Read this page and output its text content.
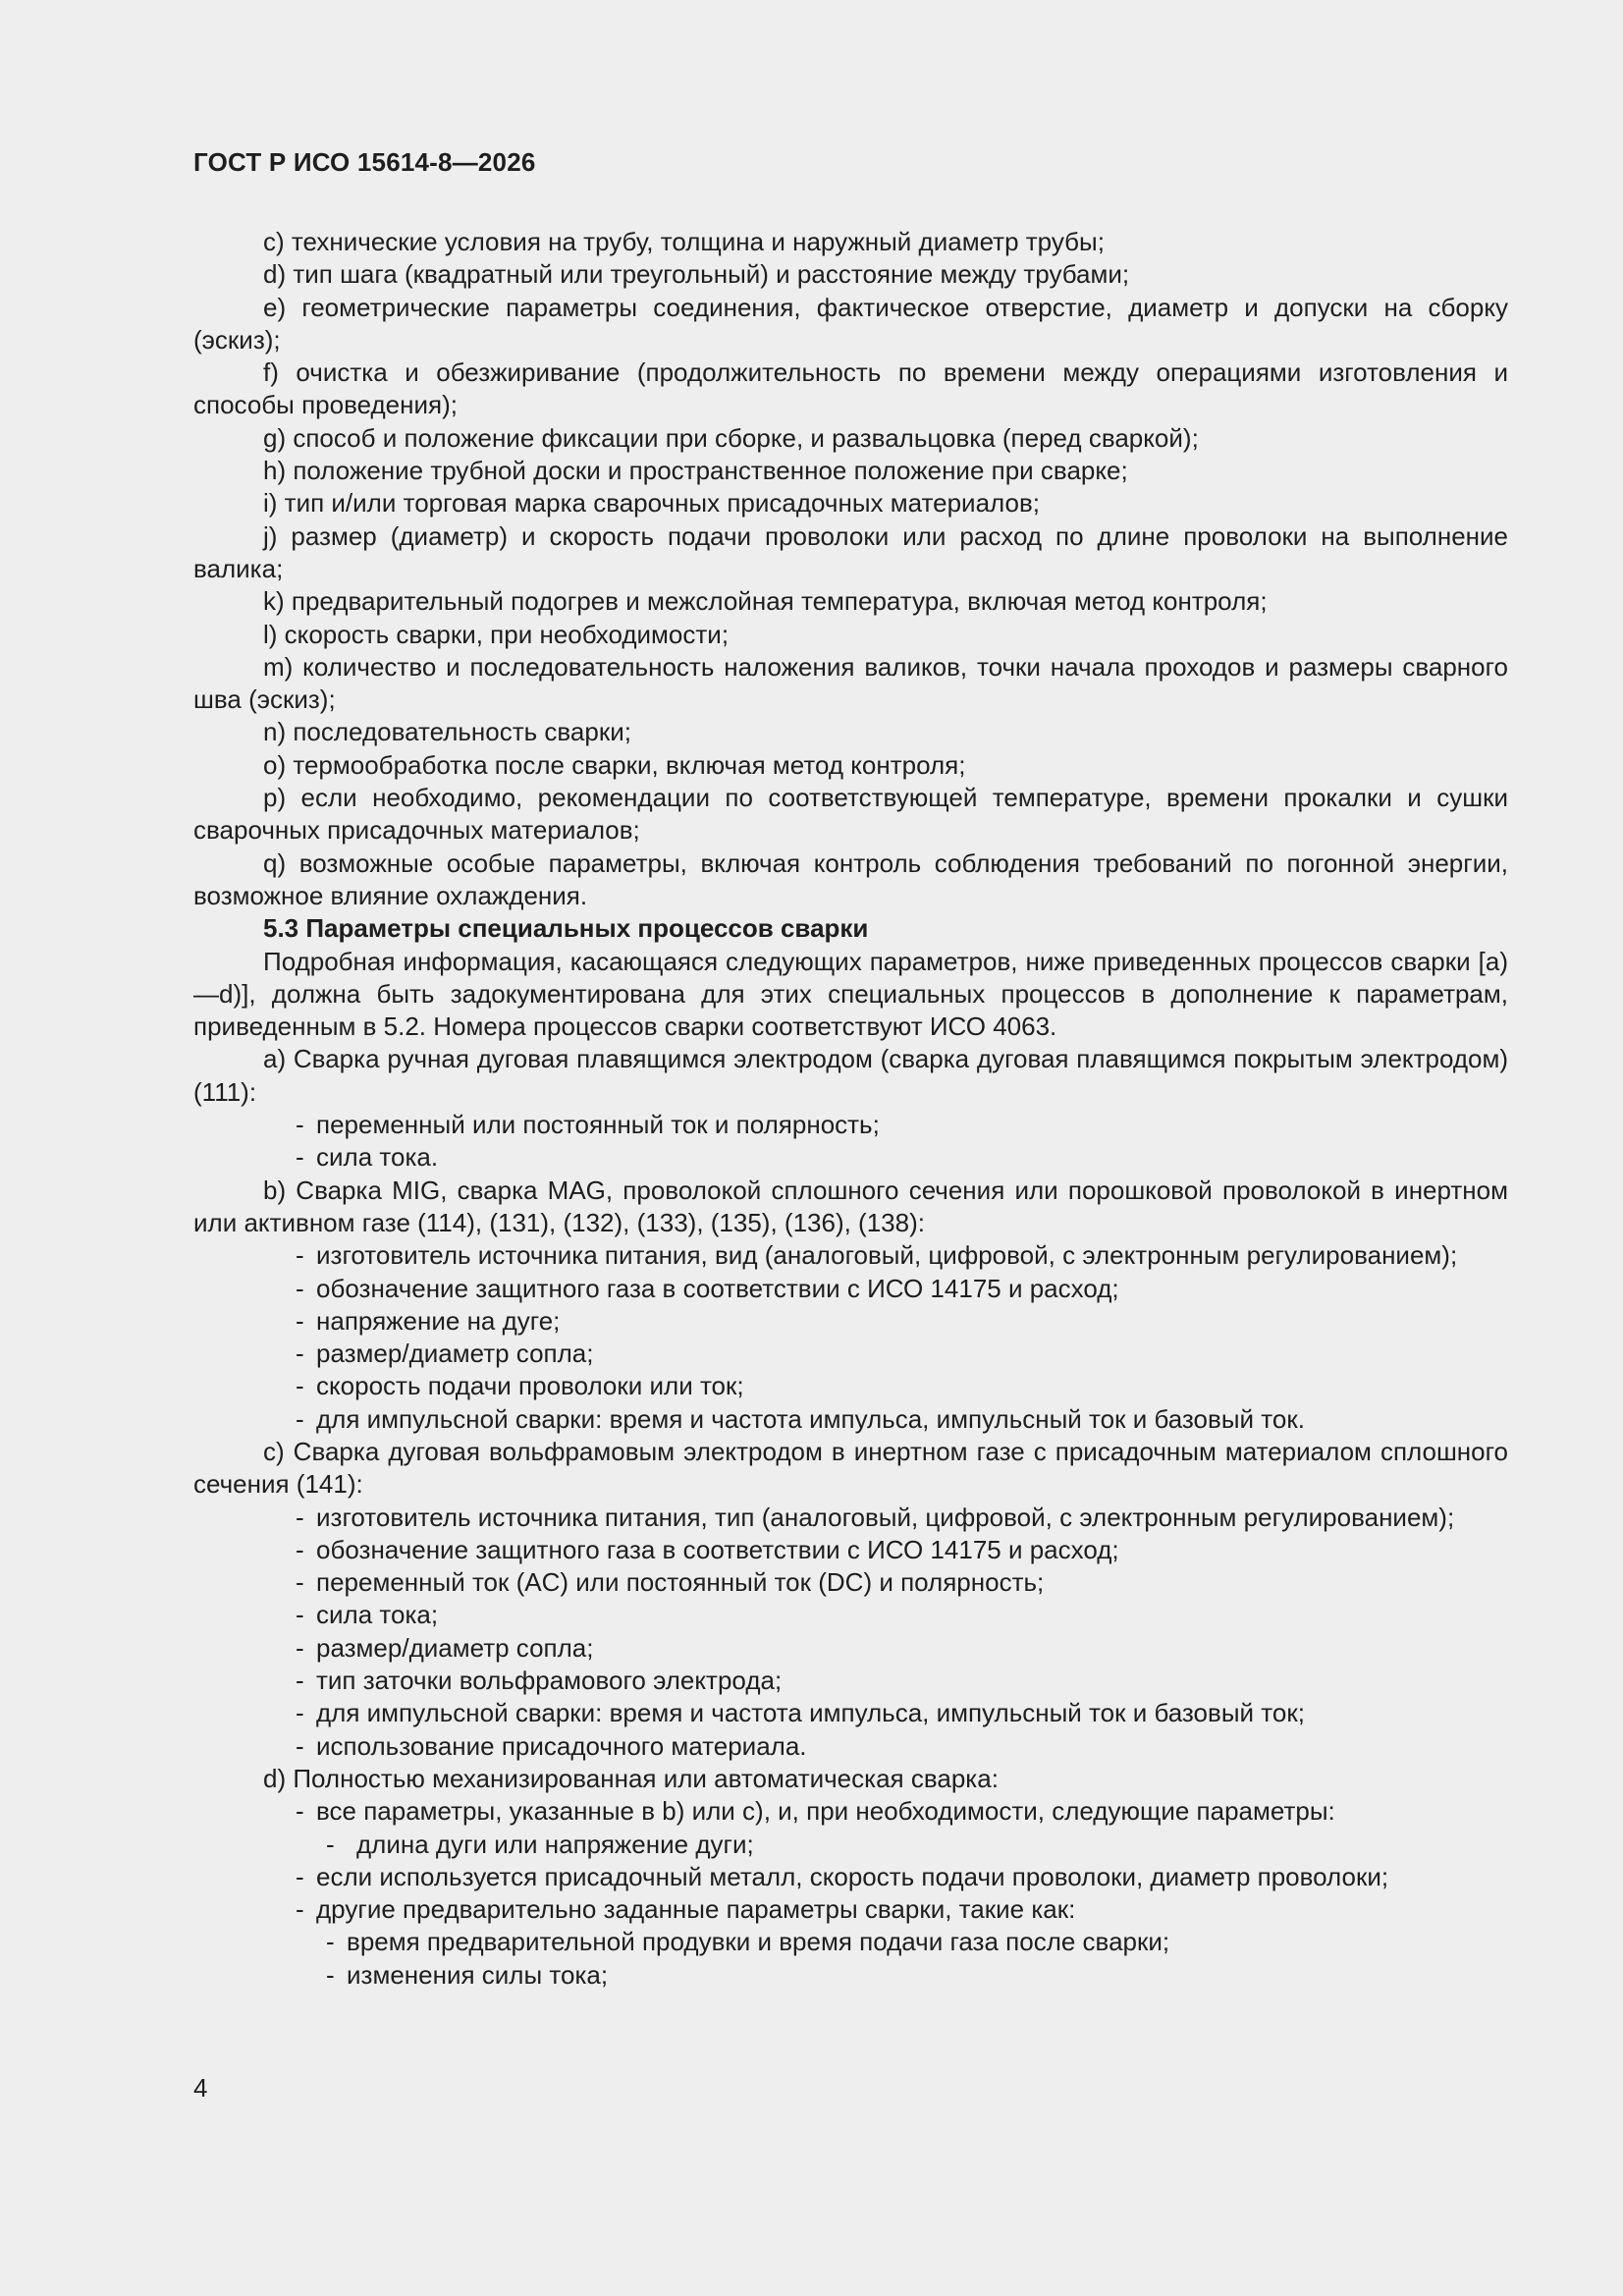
ГОСТ Р ИСО 15614-8—2026

c) технические условия на трубу, толщина и наружный диаметр трубы;

d) тип шага (квадратный или треугольный) и расстояние между трубами;

e) геометрические параметры соединения, фактическое отверстие, диаметр и допуски на сборку (эскиз);

f) очистка и обезжиривание (продолжительность по времени между операциями изготовления и способы проведения);

g) способ и положение фиксации при сборке, и развальцовка (перед сваркой);

h) положение трубной доски и пространственное положение при сварке;

i) тип и/или торговая марка сварочных присадочных материалов;

j) размер (диаметр) и скорость подачи проволоки или расход по длине проволоки на выполнение валика;

k) предварительный подогрев и межслойная температура, включая метод контроля;

l) скорость сварки, при необходимости;

m) количество и последовательность наложения валиков, точки начала проходов и размеры сварного шва (эскиз);

n) последовательность сварки;

o) термообработка после сварки, включая метод контроля;

p) если необходимо, рекомендации по соответствующей температуре, времени прокалки и сушки сварочных присадочных материалов;

q) возможные особые параметры, включая контроль соблюдения требований по погонной энергии, возможное влияние охлаждения.

5.3 Параметры специальных процессов сварки

Подробная информация, касающаяся следующих параметров, ниже приведенных процессов сварки [a)—d)], должна быть задокументирована для этих специальных процессов в дополнение к параметрам, приведенным в 5.2. Номера процессов сварки соответствуют ИСО 4063.

a) Сварка ручная дуговая плавящимся электродом (сварка дуговая плавящимся покрытым электродом) (111):

- переменный или постоянный ток и полярность;

- сила тока.

b) Сварка MIG, сварка MAG, проволокой сплошного сечения или порошковой проволокой в инертном или активном газе (114), (131), (132), (133), (135), (136), (138):

- изготовитель источника питания, вид (аналоговый, цифровой, с электронным регулированием);

- обозначение защитного газа в соответствии с ИСО 14175 и расход;

- напряжение на дуге;

- размер/диаметр сопла;

- скорость подачи проволоки или ток;

- для импульсной сварки: время и частота импульса, импульсный ток и базовый ток.

c) Сварка дуговая вольфрамовым электродом в инертном газе с присадочным материалом сплошного сечения (141):

- изготовитель источника питания, тип (аналоговый, цифровой, с электронным регулированием);

- обозначение защитного газа в соответствии с ИСО 14175 и расход;

- переменный ток (AC) или постоянный ток (DC) и полярность;

- сила тока;

- размер/диаметр сопла;

- тип заточки вольфрамового электрода;

- для импульсной сварки: время и частота импульса, импульсный ток и базовый ток;

- использование присадочного материала.

d) Полностью механизированная или автоматическая сварка:

- все параметры, указанные в b) или c), и, при необходимости, следующие параметры:

- длина дуги или напряжение дуги;

- если используется присадочный металл, скорость подачи проволоки, диаметр проволоки;

- другие предварительно заданные параметры сварки, такие как:

- время предварительной продувки и время подачи газа после сварки;

- изменения силы тока;

4
